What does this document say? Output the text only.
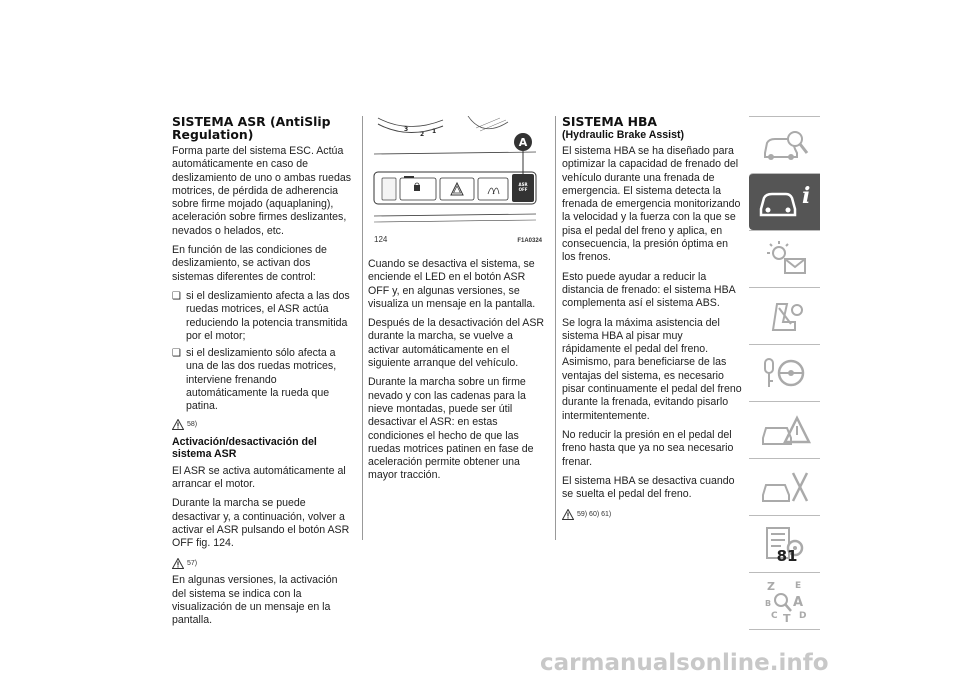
SISTEMA ASR (AntiSlip Regulation)

Forma parte del sistema ESC. Actúa automáticamente en caso de deslizamiento de uno o ambas ruedas motrices, de pérdida de adherencia sobre firme mojado (aquaplaning), aceleración sobre firmes deslizantes, nevados o helados, etc.

En función de las condiciones de deslizamiento, se activan dos sistemas diferentes de control:

❑ si el deslizamiento afecta a las dos ruedas motrices, el ASR actúa reduciendo la potencia transmitida por el motor;
❑ si el deslizamiento sólo afecta a una de las dos ruedas motrices, interviene frenando automáticamente la rueda que patina.
58)
Activación/desactivación del sistema ASR

El ASR se activa automáticamente al arrancar el motor.

Durante la marcha se puede desactivar y, a continuación, volver a activar el ASR pulsando el botón ASR OFF fig. 124.

57)

En algunas versiones, la activación del sistema se indica con la visualización de un mensaje en la pantalla.

3
2 1
ASR
OFF
A
124	F1A0324

Cuando se desactiva el sistema, se enciende el LED en el botón ASR OFF y, en algunas versiones, se visualiza un mensaje en la pantalla.

Después de la desactivación del ASR durante la marcha, se vuelve a activar automáticamente en el siguiente arranque del vehículo.

Durante la marcha sobre un firme nevado y con las cadenas para la nieve montadas, puede ser útil desactivar el ASR: en estas condiciones el hecho de que las ruedas motrices patinen en fase de aceleración permite obtener una mayor tracción.

SISTEMA HBA
(Hydraulic Brake Assist)

El sistema HBA se ha diseñado para optimizar la capacidad de frenado del vehículo durante una frenada de emergencia. El sistema detecta la frenada de emergencia monitorizando la velocidad y la fuerza con la que se pisa el pedal del freno y aplica, en consecuencia, la presión óptima en los frenos.

Esto puede ayudar a reducir la distancia de frenado: el sistema HBA complementa así el sistema ABS.

Se logra la máxima asistencia del sistema HBA al pisar muy rápidamente el pedal del freno. Asimismo, para beneficiarse de las ventajas del sistema, es necesario pisar continuamente el pedal del freno durante la frenada, evitando pisarlo intermitentemente.

No reducir la presión en el pedal del freno hasta que ya no sea necesario frenar.

El sistema HBA se desactiva cuando se suelta el pedal del freno.

59) 60) 61)
i
Z E
B A
C T D
81
carmanualsonline.info
